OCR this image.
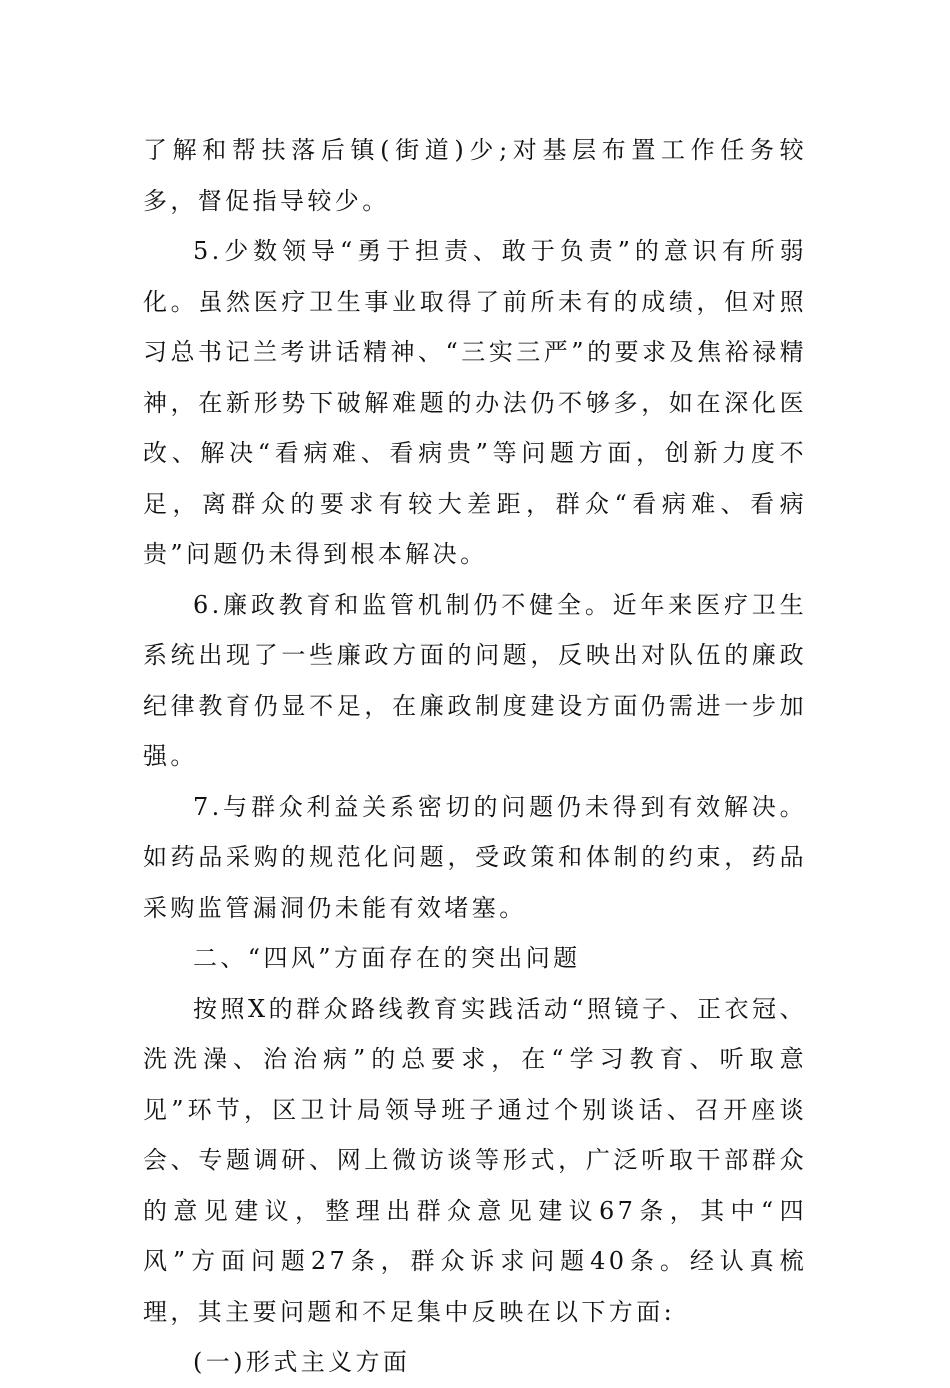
了解和帮扶落后镇(街道)少;对基层布置工作任务较多，督促指导较少。

5.少数领导“勇于担责、敢于负责”的意识有所弱化。虽然医疗卫生事业取得了前所未有的成绩，但对照习总书记兰考讲话精神、“三实三严”的要求及焦裕禄精神，在新形势下破解难题的办法仍不够多，如在深化医改、解决“看病难、看病贵”等问题方面，创新力度不足，离群众的要求有较大差距，群众“看病难、看病贵”问题仍未得到根本解决。

6.廉政教育和监管机制仍不健全。近年来医疗卫生系统出现了一些廉政方面的问题，反映出对队伍的廉政纪律教育仍显不足，在廉政制度建设方面仍需进一步加强。

7.与群众利益关系密切的问题仍未得到有效解决。如药品采购的规范化问题，受政策和体制的约束，药品采购监管漏洞仍未能有效堵塞。

二、“四风”方面存在的突出问题

按照X的群众路线教育实践活动“照镜子、正衣冠、洗洗澡、治治病”的总要求，在“学习教育、听取意见”环节，区卫计局领导班子通过个别谈话、召开座谈会、专题调研、网上微访谈等形式，广泛听取干部群众的意见建议，整理出群众意见建议67条，其中“四风”方面问题27条，群众诉求问题40条。经认真梳理，其主要问题和不足集中反映在以下方面:

(一)形式主义方面
